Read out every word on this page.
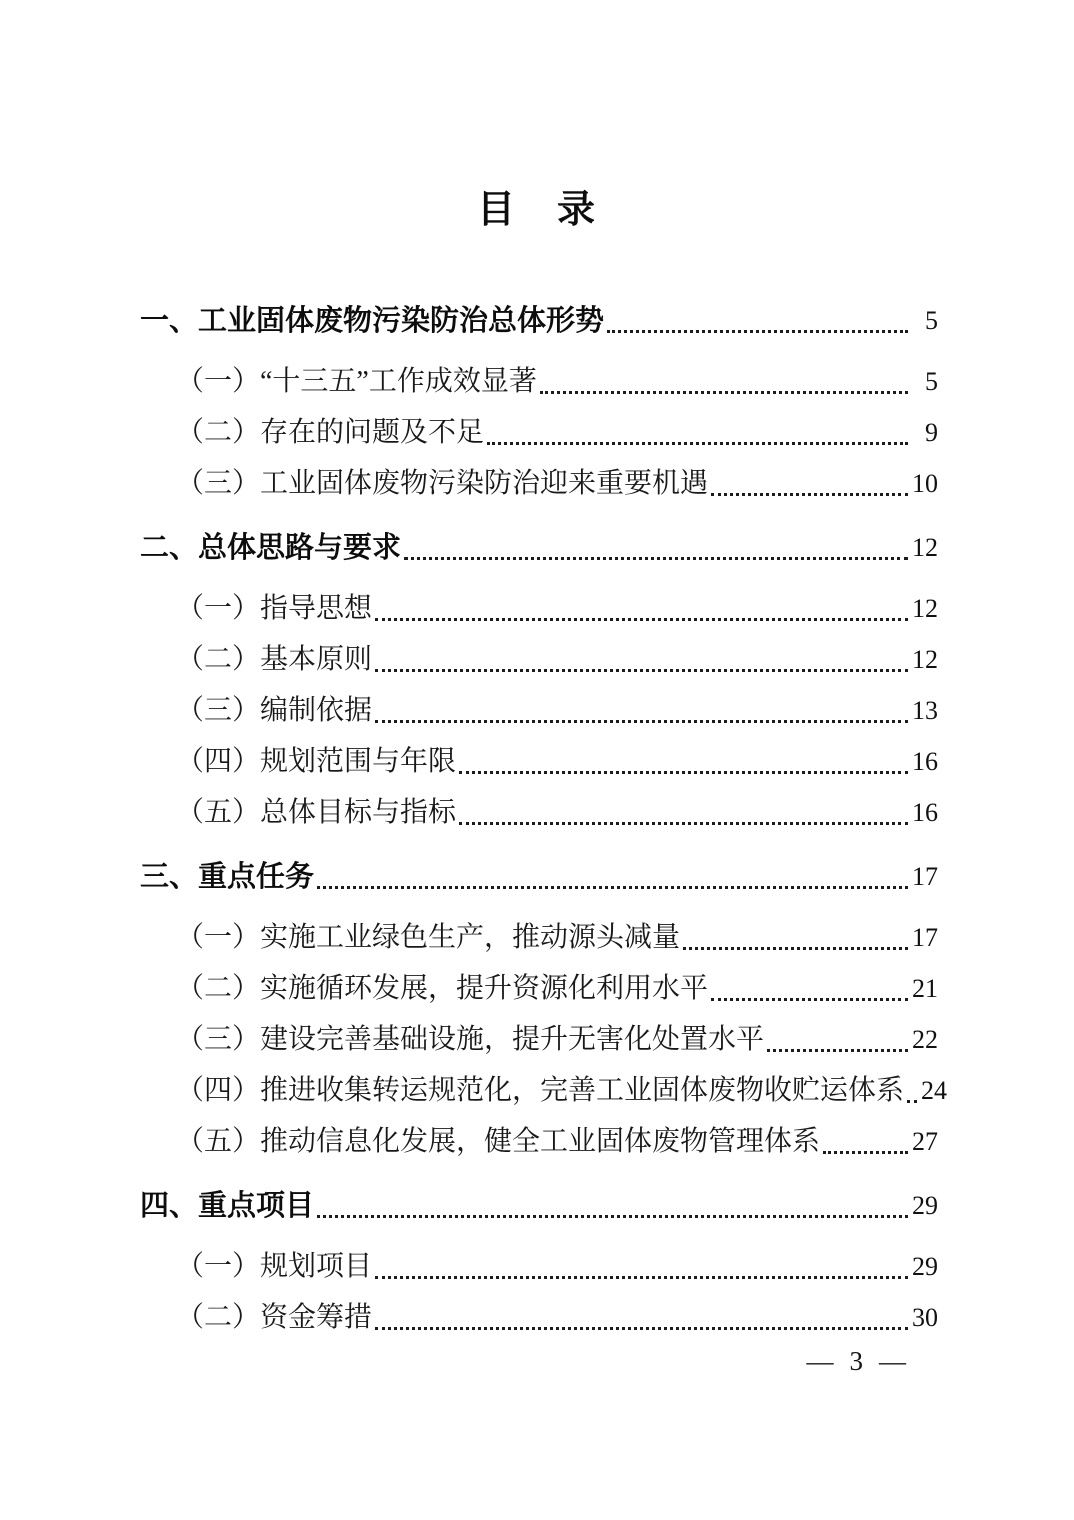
目　录
一、工业固体废物污染防治总体形势	5
（一）“十三五”工作成效显著	5
（二）存在的问题及不足	9
（三）工业固体废物污染防治迎来重要机遇	10
二、总体思路与要求	12
（一）指导思想	12
（二）基本原则	12
（三）编制依据	13
（四）规划范围与年限	16
（五）总体目标与指标	16
三、重点任务	17
（一）实施工业绿色生产，推动源头减量	17
（二）实施循环发展，提升资源化利用水平	21
（三）建设完善基础设施，提升无害化处置水平	22
（四）推进收集转运规范化，完善工业固体废物收贮运体系 24
（五）推动信息化发展，健全工业固体废物管理体系	27
四、重点项目	29
（一）规划项目	29
（二）资金筹措	30
— 3 —
